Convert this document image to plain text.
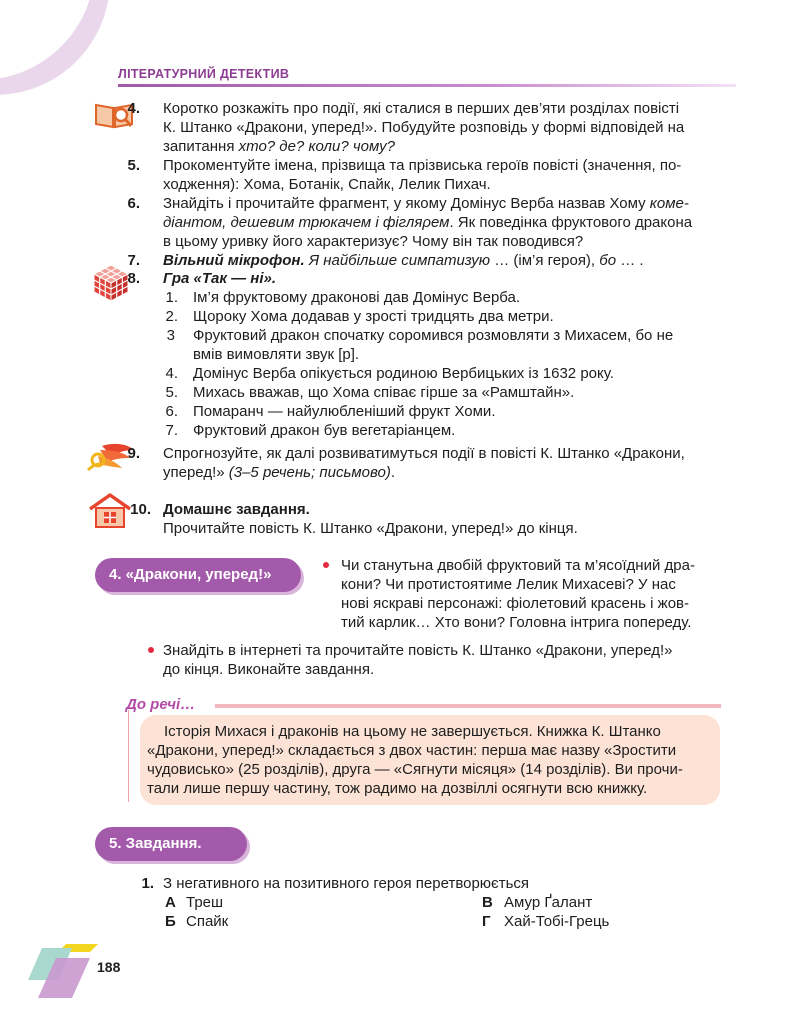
ЛІТЕРАТУРНИЙ ДЕТЕКТИВ
4. Коротко розкажіть про події, які сталися в перших дев’яти розділах повісті
К. Штанко «Дракони, уперед!». Побудуйте розповідь у формі відповідей на
запитання хто? де? коли? чому?
5. Прокоментуйте імена, прізвища та прізвиська героїв повісті (значення, по-
ходження): Хома, Ботанік, Спайк, Лелик Пихач.
6. Знайдіть і прочитайте фрагмент, у якому Домінус Верба назвав Хому коме-
діантом, дешевим трюкачем і фігляρем. Як поведінка фруктового дракона
в цьому уривку його характеризує? Чому він так поводився?
7. Вільний мікрофон. Я найбільше симпатизую … (ім’я героя), бо … .
8. Гра «Так — ні».
1. Ім’я фруктовому драконові дав Домінус Верба.
2. Щороку Хома додавав у зрості тридцять два метри.
3 Фруктовий дракон спочатку соромився розмовляти з Михасем, бо не
вмів вимовляти звук [р].
4. Домінус Верба опікується родиною Вербицьких із 1632 року.
5. Михась вважав, що Хома співає гірше за «Рамштайн».
6. Помаранч — найулюбленіший фрукт Хоми.
7. Фруктовий дракон був вегетаріанцем.
9. Спрогнозуйте, як далі розвиватимуться події в повісті К. Штанко «Дракони,
уперед!» (3–5 речень; письмово).
10. Домашнє завдання.
Прочитайте повість К. Штанко «Дракони, уперед!» до кінця.
4. «Дракони, уперед!»
Чи станутьна двобій фруктовий та м’ясоїдний дра-
кони? Чи протистоятиме Лелик Михасеві? У нас
нові яскраві персонажі: фіолетовий красень і жов-
тий карлик… Хто вони? Головна інтрига попереду.
Знайдіть в інтернеті та прочитайте повість К. Штанко «Дракони, уперед!»
до кінця. Виконайте завдання.
До речі…
Історія Михася і драконів на цьому не завершується. Книжка К. Штанко
«Дракони, уперед!» складається з двох частин: перша має назву «Зростити
чудовисько» (25 розділів), друга — «Сягнути місяця» (14 розділів). Ви прочи-
тали лише першу частину, тож радимо на дозвіллі осягнути всю книжку.
5. Завдання.
1. З негативного на позитивного героя перетворюється
А Треш
Б Спайк
В Амур Ґалант
Г Хай-Тобі-Грець
188
